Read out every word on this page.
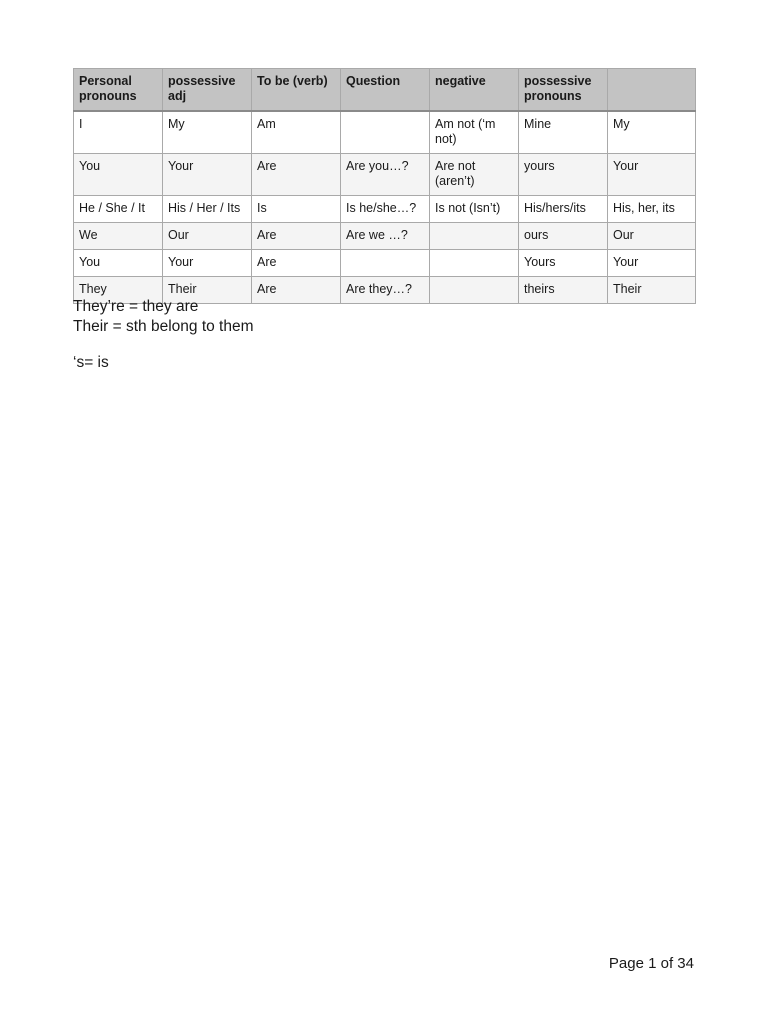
Personal pronouns	possessive adj	To be (verb)	Question	negative	possessive pronouns	
I	My	Am		Am not (‘m not)	Mine	My
You	Your	Are	Are you…?	Are not (aren’t)	yours	Your
He / She / It	His / Her / Its	Is	Is he/she…?	Is not (Isn’t)	His/hers/its	His, her, its
We	Our	Are	Are we …?		ours	Our
You	Your	Are			Yours	Your
They	Their	Are	Are they…?		theirs	Their
They’re = they are
Their = sth belong to them
‘s= is
Page 1 of 34
